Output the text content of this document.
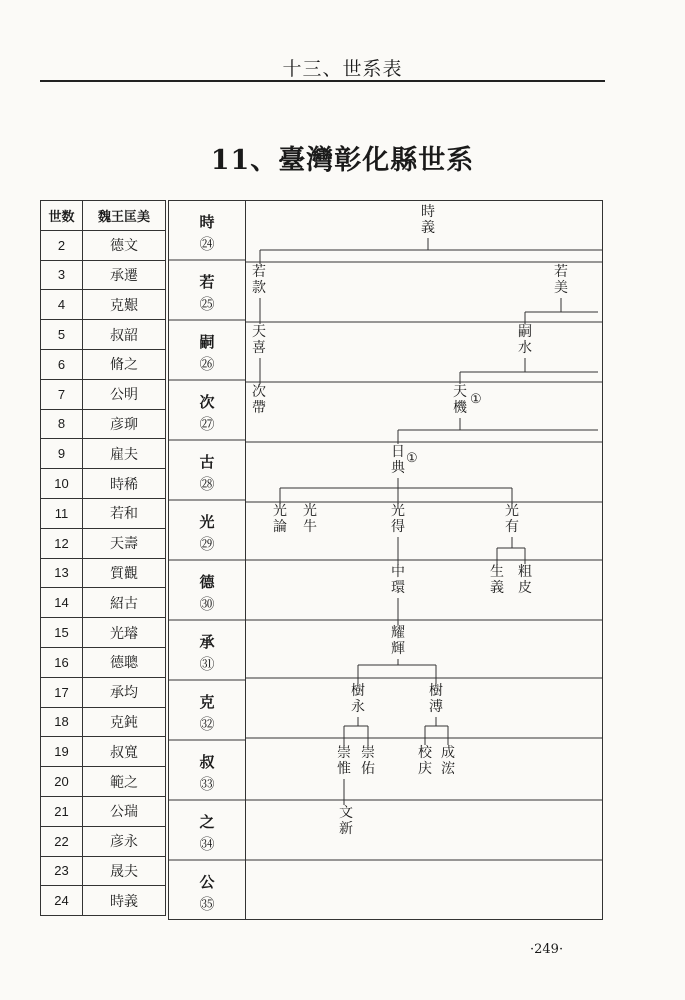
十三、世系表
11、臺灣彰化縣世系
世数	魏王匡美
2	德文
3	承遷
4	克艱
5	叔韶
6	脩之
7	公明
8	彦珋
9	雇夫
10	時稀
11	若和
12	天壽
13	質觀
14	紹古
15	光璿
16	德聰
17	承均
18	克鈍
19	叔寬
20	範之
21	公瑞
22	彦永
23	晟夫
24	時義
時
㉔
若
㉕
嗣
㉖
次
㉗
古
㉘
光
㉙
德
㉚
承
㉛
克
㉜
叔
㉝
之
㉞
公
㉟
時義
若款
若美
天喜
嗣水
次帶
天機
①
日典
①
光論
光牛
光得
光有
中環
生義
粗皮
耀輝
樹永
樹溥
崇惟
崇佑
校庆
成浤
文新
·249·
